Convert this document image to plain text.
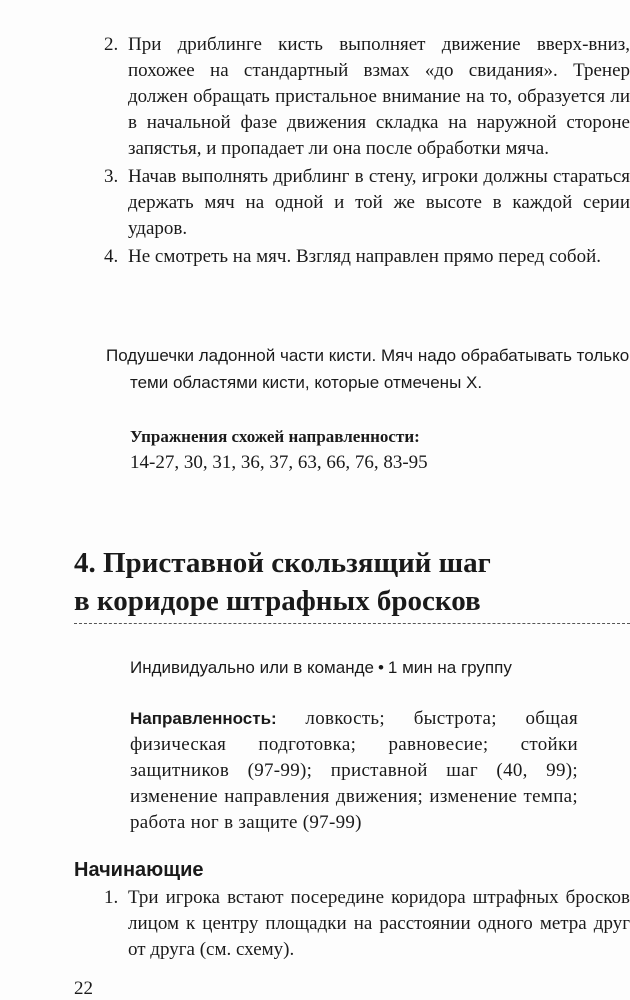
2. При дриблинге кисть выполняет движение вверх-вниз, похожее на стандартный взмах «до свидания». Тренер должен обращать пристальное внимание на то, образуется ли в начальной фазе движения складка на наружной стороне запястья, и пропадает ли она после обработки мяча.
3. Начав выполнять дриблинг в стену, игроки должны стараться держать мяч на одной и той же высоте в каждой серии ударов.
4. Не смотреть на мяч. Взгляд направлен прямо перед собой.
Подушечки ладонной части кисти. Мяч надо обрабатывать только теми областями кисти, которые отмечены Х.
Упражнения схожей направленности:
14-27, 30, 31, 36, 37, 63, 66, 76, 83-95
4. Приставной скользящий шаг
в коридоре штрафных бросков
Индивидуально или в команде • 1 мин на группу
Направленность: ловкость; быстрота; общая физическая подготовка; равновесие; стойки защитников (97-99); приставной шаг (40, 99); изменение направления движения; изменение темпа; работа ног в защите (97-99)
Начинающие
1. Три игрока встают посередине коридора штрафных бросков лицом к центру площадки на расстоянии одного метра друг от друга (см. схему).
22
